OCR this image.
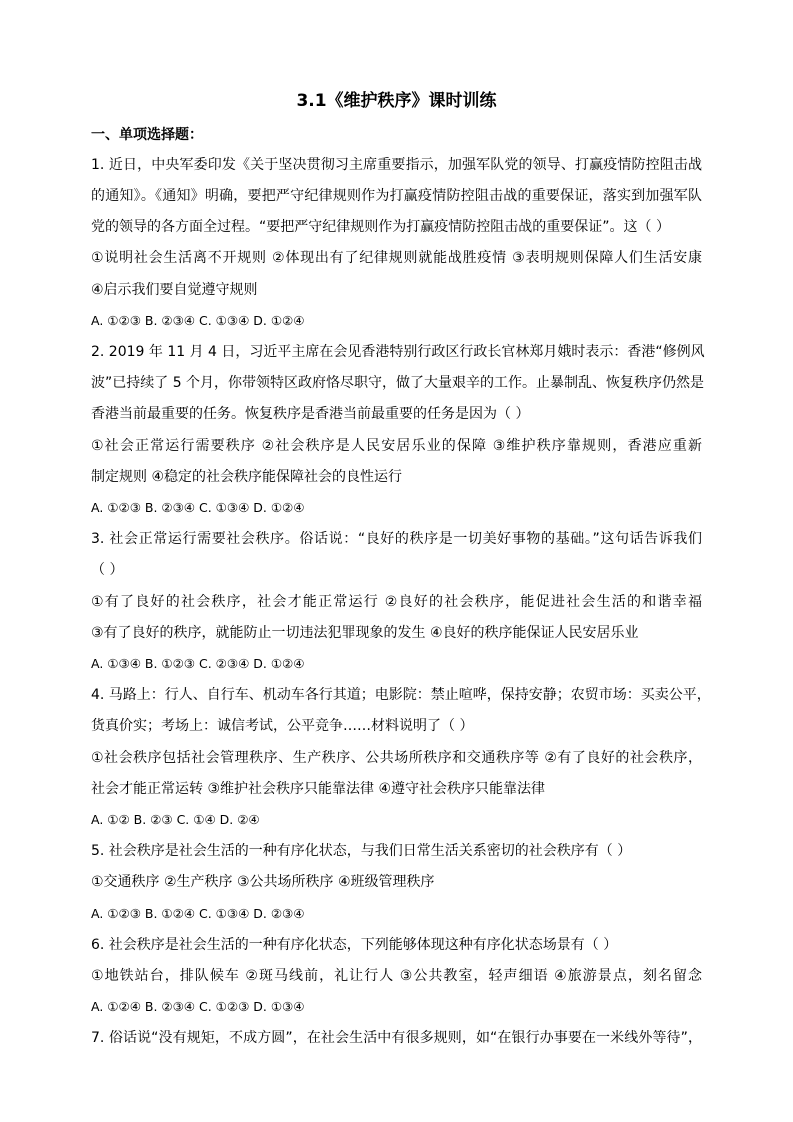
3.1《维护秩序》课时训练
一、单项选择题：
1. 近日，中央军委印发《关于坚决贯彻习主席重要指示，加强军队党的领导、打赢疫情防控阻击战
的通知》。《通知》明确，要把严守纪律规则作为打赢疫情防控阻击战的重要保证，落实到加强军队
党的领导的各方面全过程。“要把严守纪律规则作为打赢疫情防控阻击战的重要保证”。这（ ）
①说明社会生活离不开规则 ②体现出有了纪律规则就能战胜疫情 ③表明规则保障人们生活安康
④启示我们要自觉遵守规则
A. ①②③ B. ②③④ C. ①③④ D. ①②④
2. 2019 年 11 月 4 日，习近平主席在会见香港特别行政区行政长官林郑月娥时表示：香港“修例风
波”已持续了 5 个月，你带领特区政府恪尽职守，做了大量艰辛的工作。止暴制乱、恢复秩序仍然是
香港当前最重要的任务。恢复秩序是香港当前最重要的任务是因为（ ）
①社会正常运行需要秩序 ②社会秩序是人民安居乐业的保障 ③维护秩序靠规则，香港应重新
制定规则 ④稳定的社会秩序能保障社会的良性运行
A. ①②③ B. ②③④ C. ①③④ D. ①②④
3. 社会正常运行需要社会秩序。俗话说：“良好的秩序是一切美好事物的基础。”这句话告诉我们
（ ）
①有了良好的社会秩序，社会才能正常运行 ②良好的社会秩序，能促进社会生活的和谐幸福
③有了良好的秩序，就能防止一切违法犯罪现象的发生 ④良好的秩序能保证人民安居乐业
A. ①③④ B. ①②③ C. ②③④ D. ①②④
4. 马路上：行人、自行车、机动车各行其道；电影院：禁止喧哗，保持安静；农贸市场：买卖公平，
货真价实；考场上：诚信考试，公平竞争……材料说明了（ ）
①社会秩序包括社会管理秩序、生产秩序、公共场所秩序和交通秩序等 ②有了良好的社会秩序，
社会才能正常运转 ③维护社会秩序只能靠法律 ④遵守社会秩序只能靠法律
A. ①② B. ②③ C. ①④ D. ②④
5. 社会秩序是社会生活的一种有序化状态，与我们日常生活关系密切的社会秩序有（ ）
①交通秩序 ②生产秩序 ③公共场所秩序 ④班级管理秩序
A. ①②③ B. ①②④ C. ①③④ D. ②③④
6. 社会秩序是社会生活的一种有序化状态，下列能够体现这种有序化状态场景有（ ）
①地铁站台，排队候车 ②斑马线前，礼让行人 ③公共教室，轻声细语 ④旅游景点，刻名留念
A. ①②④ B. ②③④ C. ①②③ D. ①③④
7. 俗话说“没有规矩，不成方圆”，在社会生活中有很多规则，如“在银行办事要在一米线外等待”，
